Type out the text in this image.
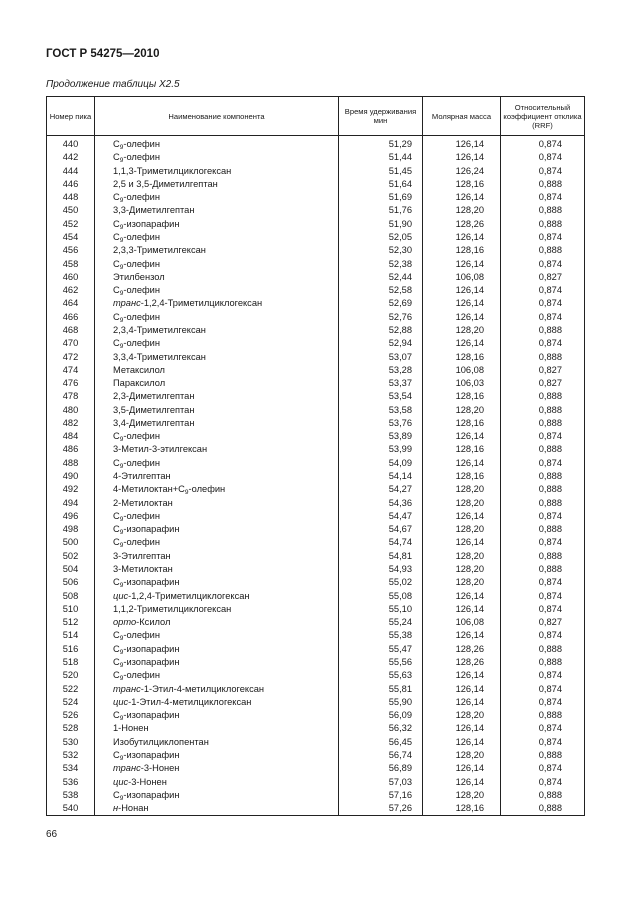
ГОСТ Р 54275—2010
Продолжение таблицы Х2.5
Номер пика	Наименование компонента	Время удерживания мин	Молярная масса	Относительный коэффициент отклика (RRF)
440	$C_9$-олефин	51,29	126,14	0,874
442	$C_9$-олефин	51,44	126,14	0,874
444	1,1,3-Триметилциклогексан	51,45	126,24	0,874
446	2,5 и 3,5-Диметилгептан	51,64	128,16	0,888
448	$C_9$-олефин	51,69	126,14	0,874
450	3,3-Диметилгептан	51,76	128,20	0,888
452	$C_9$-изопарафин	51,90	128,26	0,888
454	$C_9$-олефин	52,05	126,14	0,874
456	2,3,3-Триметилгексан	52,30	128,16	0,888
458	$C_9$-олефин	52,38	126,14	0,874
460	Этилбензол	52,44	106,08	0,827
462	$C_9$-олефин	52,58	126,14	0,874
464	транс-1,2,4-Триметилциклогексан	52,69	126,14	0,874
466	$C_9$-олефин	52,76	126,14	0,874
468	2,3,4-Триметилгексан	52,88	128,20	0,888
470	$C_9$-олефин	52,94	126,14	0,874
472	3,3,4-Триметилгексан	53,07	128,16	0,888
474	Метаксилол	53,28	106,08	0,827
476	Параксилол	53,37	106,03	0,827
478	2,3-Диметилгептан	53,54	128,16	0,888
480	3,5-Диметилгептан	53,58	128,20	0,888
482	3,4-Диметилгептан	53,76	128,16	0,888
484	$C_9$-олефин	53,89	126,14	0,874
486	3-Метил-3-этилгексан	53,99	128,16	0,888
488	$C_9$-олефин	54,09	126,14	0,874
490	4-Этилгептан	54,14	128,16	0,888
492	$4-Метилоктан+C_9$-олефин	54,27	128,20	0,888
494	2-Метилоктан	54,36	128,20	0,888
496	$C_9$-олефин	54,47	126,14	0,874
498	$C_9$-изопарафин	54,67	128,20	0,888
500	$C_9$-олефин	54,74	126,14	0,874
502	3-Этилгептан	54,81	128,20	0,888
504	3-Метилоктан	54,93	128,20	0,888
506	$C_9$-изопарафин	55,02	128,20	0,874
508	цис-1,2,4-Триметилциклогексан	55,08	126,14	0,874
510	1,1,2-Триметилциклогексан	55,10	126,14	0,874
512	орто-Ксилол	55,24	106,08	0,827
514	$C_9$-олефин	55,38	126,14	0,874
516	$C_9$-изопарафин	55,47	128,26	0,888
518	$C_9$-изопарафин	55,56	128,26	0,888
520	$C_9$-олефин	55,63	126,14	0,874
522	транс-1-Этил-4-метилциклогексан	55,81	126,14	0,874
524	цис-1-Этил-4-метилциклогексан	55,90	126,14	0,874
526	$C_9$-изопарафин	56,09	128,20	0,888
528	1-Нонен	56,32	126,14	0,874
530	Изобутилциклопентан	56,45	126,14	0,874
532	$C_9$-изопарафин	56,74	128,20	0,888
534	транс-3-Нонен	56,89	126,14	0,874
536	цис-3-Нонен	57,03	126,14	0,874
538	$C_9$-изопарафин	57,16	128,20	0,888
540	н-Нонан	57,26	128,16	0,888
66
